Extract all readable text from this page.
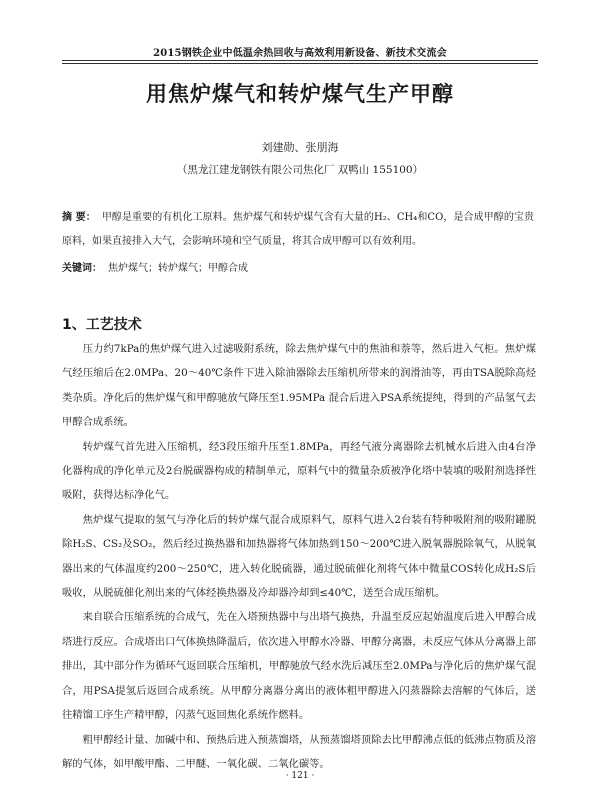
2015钢铁企业中低温余热回收与高效利用新设备、新技术交流会
用焦炉煤气和转炉煤气生产甲醇
刘建勋、张朋海
（黑龙江建龙钢铁有限公司焦化厂 双鸭山 155100）
摘 要： 甲醇是重要的有机化工原料。焦炉煤气和转炉煤气含有大量的H₂、CH₄和CO，是合成甲醇的宝贵原料，如果直接排入大气，会影响环境和空气质量，将其合成甲醇可以有效利用。
关键词： 焦炉煤气；转炉煤气；甲醇合成
1、工艺技术

压力约7kPa的焦炉煤气进入过滤吸附系统，除去焦炉煤气中的焦油和萘等，然后进入气柜。焦炉煤气经压缩后在2.0MPa、20～40℃条件下进入除油器除去压缩机所带来的润滑油等，再由TSA脱除高烃类杂质。净化后的焦炉煤气和甲醇驰放气降压至1.95MPa 混合后进入PSA系统提纯，得到的产品氢气去甲醇合成系统。

转炉煤气首先进入压缩机，经3段压缩升压至1.8MPa，再经气液分离器除去机械水后进入由4台净化器构成的净化单元及2台脱碳器构成的精制单元，原料气中的微量杂质被净化塔中装填的吸附剂选择性吸附，获得达标净化气。

焦炉煤气提取的氢气与净化后的转炉煤气混合成原料气，原料气进入2台装有特种吸附剂的吸附罐脱除H₂S、CS₂及SO₂，然后经过换热器和加热器将气体加热到150～200℃进入脱氧器脱除氧气，从脱氧器出来的气体温度约200～250℃，进入转化脱硫器，通过脱硫催化剂将气体中微量COS转化成H₂S后吸收，从脱硫催化剂出来的气体经换热器及冷却器冷却到≤40℃，送至合成压缩机。

来自联合压缩系统的合成气，先在入塔预热器中与出塔气换热，升温至反应起始温度后进入甲醇合成塔进行反应。合成塔出口气体换热降温后，依次进入甲醇水冷器、甲醇分离器，未反应气体从分离器上部排出，其中部分作为循环气返回联合压缩机，甲醇驰放气经水洗后减压至2.0MPa与净化后的焦炉煤气混合，用PSA提氢后返回合成系统。从甲醇分离器分离出的液体粗甲醇进入闪蒸器除去溶解的气体后，送往精馏工序生产精甲醇，闪蒸气返回焦化系统作燃料。

粗甲醇经计量、加碱中和、预热后进入预蒸馏塔，从预蒸馏塔顶除去比甲醇沸点低的低沸点物质及溶解的气体，如甲酸甲酯、二甲醚、一氧化碳、二氧化碳等。

· 121 ·
